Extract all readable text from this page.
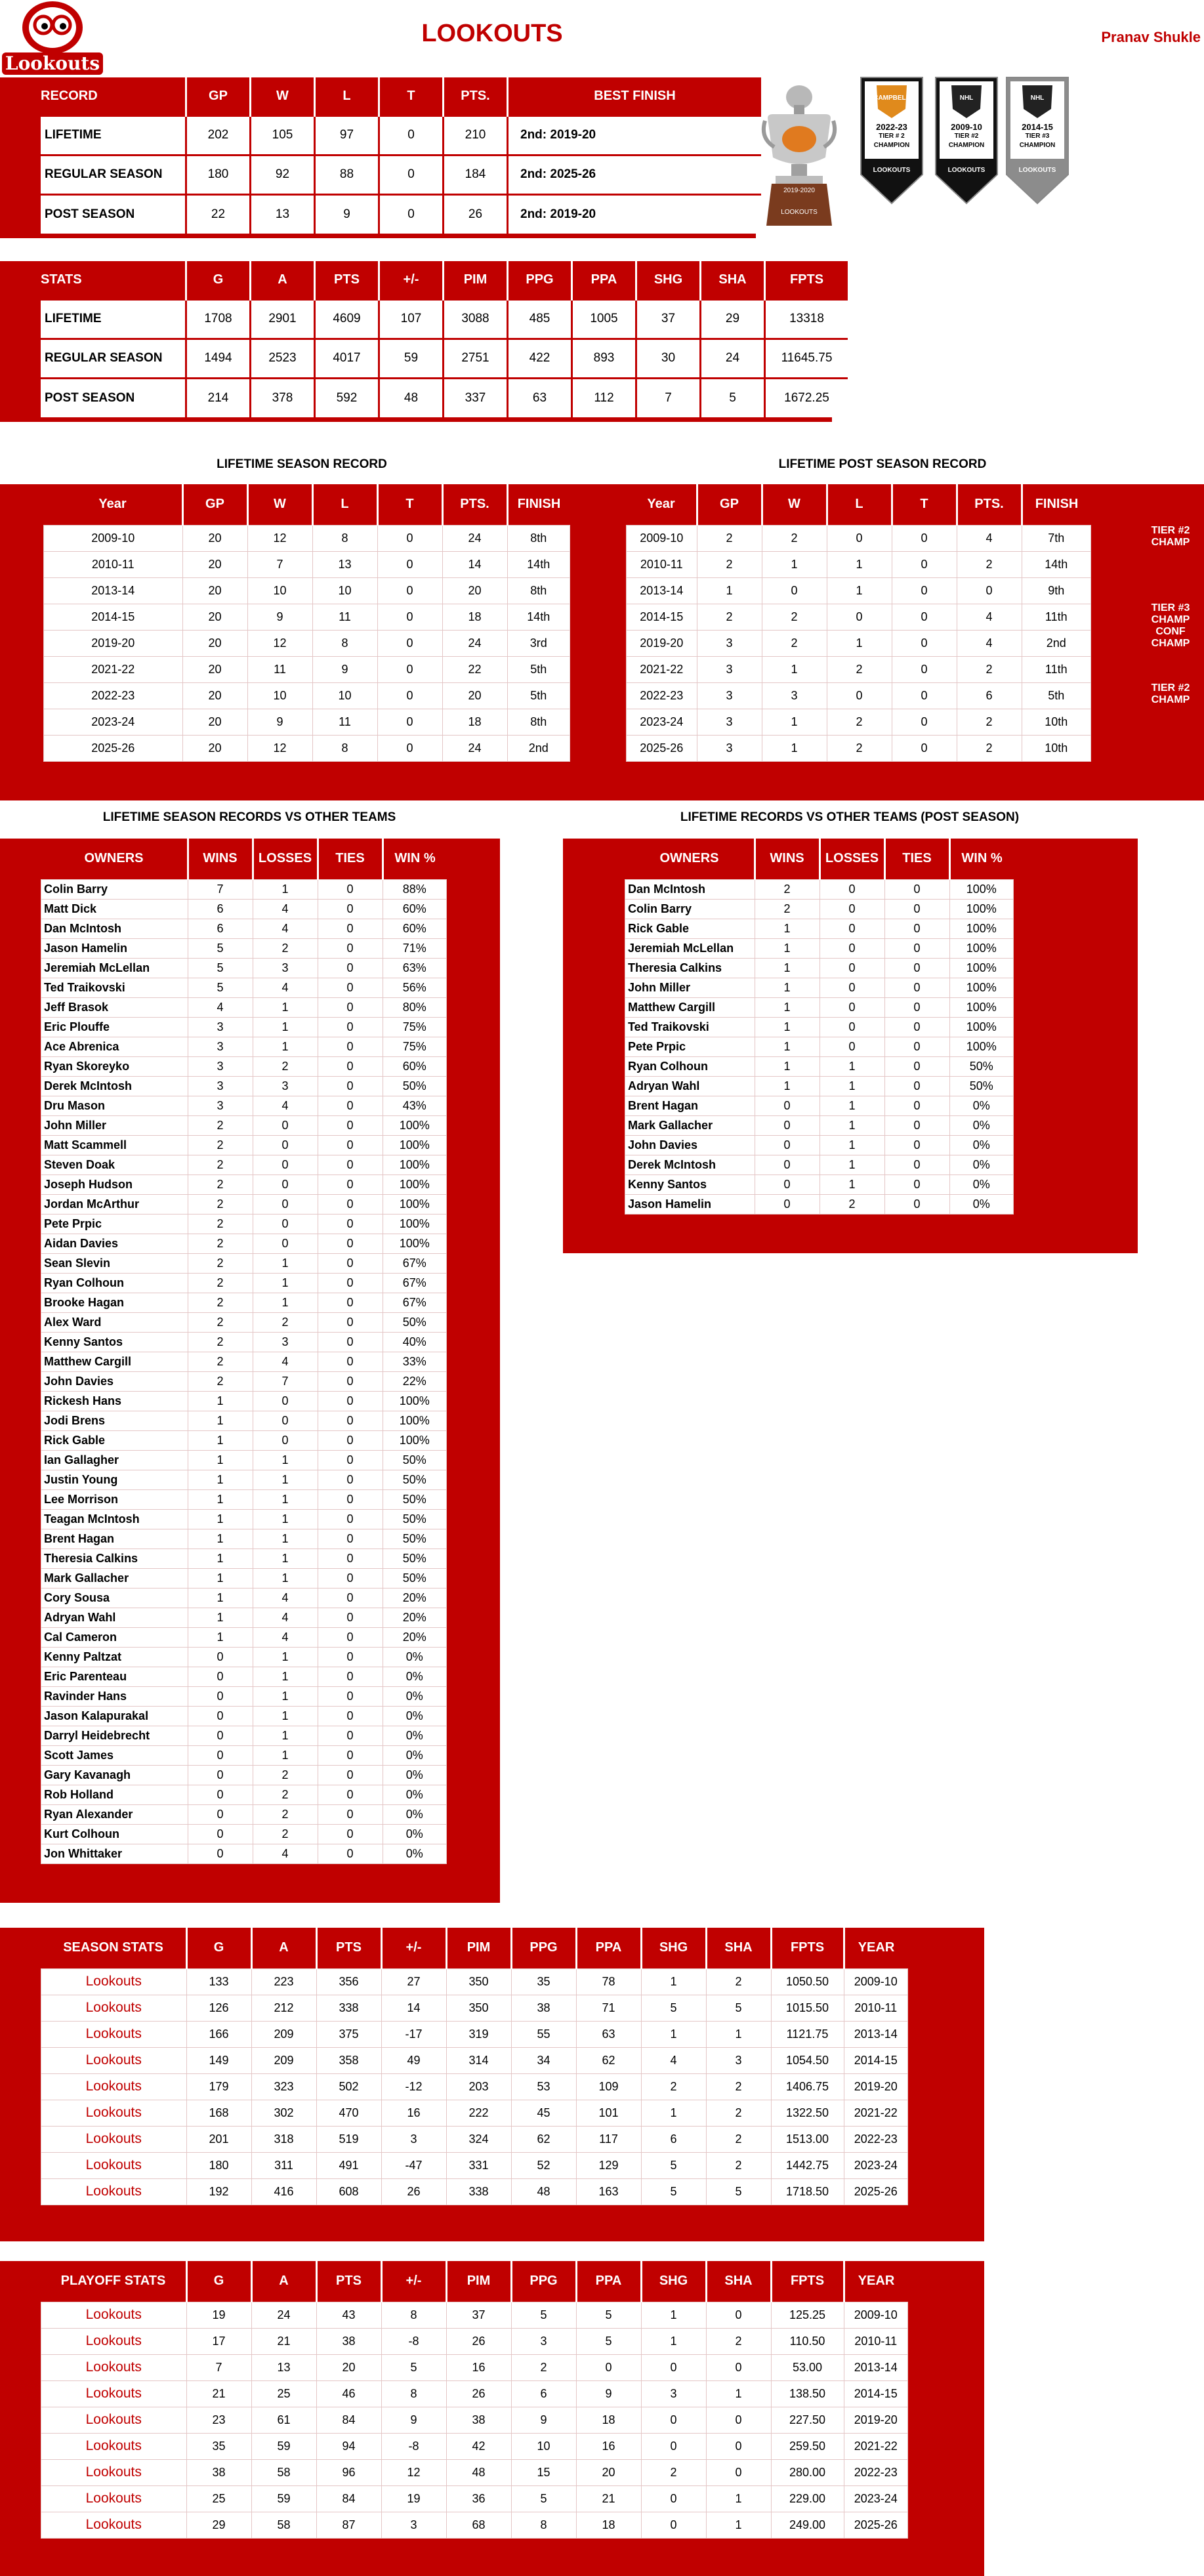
Lookouts
LOOKOUTS	Pranav Shukle
	RECORD	GP	W	L	T	PTS.	BEST FINISH
	LIFETIME	202	105	97	0	210	2nd: 2019-20
	REGULAR SEASON	180	92	88	0	184	2nd: 2025-26
	POST SEASON	22	13	9	0	26	2nd: 2019-20
2019-2020
LOOKOUTS
CAMPBELL
2022-23
TIER # 2
CHAMPION
LOOKOUTS
NHL
2009-10
TIER #2
CHAMPION
LOOKOUTS
NHL
2014-15
TIER #3
CHAMPION
LOOKOUTS
	STATS	G	A	PTS	+/-	PIM	PPG	PPA	SHG	SHA	FPTS
	LIFETIME	1708	2901	4609	107	3088	485	1005	37	29	13318
	REGULAR SEASON	1494	2523	4017	59	2751	422	893	30	24	11645.75
	POST SEASON	214	378	592	48	337	63	112	7	5	1672.25
LIFETIME SEASON RECORD	LIFETIME POST SEASON RECORD
Year	GP	W	L	T	PTS.	FINISH
2009-10	20	12	8	0	24	8th
2010-11	20	7	13	0	14	14th
2013-14	20	10	10	0	20	8th
2014-15	20	9	11	0	18	14th
2019-20	20	12	8	0	24	3rd
2021-22	20	11	9	0	22	5th
2022-23	20	10	10	0	20	5th
2023-24	20	9	11	0	18	8th
2025-26	20	12	8	0	24	2nd
Year	GP	W	L	T	PTS.	FINISH
2009-10	2	2	0	0	4	7th
2010-11	2	1	1	0	2	14th
2013-14	1	0	1	0	0	9th
2014-15	2	2	0	0	4	11th
2019-20	3	2	1	0	4	2nd
2021-22	3	1	2	0	2	11th
2022-23	3	3	0	0	6	5th
2023-24	3	1	2	0	2	10th
2025-26	3	1	2	0	2	10th
TIER #2
CHAMP
TIER #3
CHAMP
CONF
CHAMP
TIER #2
CHAMP
LIFETIME SEASON RECORDS VS OTHER TEAMS	LIFETIME RECORDS VS OTHER TEAMS (POST SEASON)
OWNERS	WINS	LOSSES	TIES	WIN %
Colin Barry	7	1	0	88%
Matt Dick	6	4	0	60%
Dan McIntosh	6	4	0	60%
Jason Hamelin	5	2	0	71%
Jeremiah McLellan	5	3	0	63%
Ted Traikovski	5	4	0	56%
Jeff Brasok	4	1	0	80%
Eric Plouffe	3	1	0	75%
Ace Abrenica	3	1	0	75%
Ryan Skoreyko	3	2	0	60%
Derek McIntosh	3	3	0	50%
Dru Mason	3	4	0	43%
John Miller	2	0	0	100%
Matt Scammell	2	0	0	100%
Steven Doak	2	0	0	100%
Joseph Hudson	2	0	0	100%
Jordan McArthur	2	0	0	100%
Pete Prpic	2	0	0	100%
Aidan Davies	2	0	0	100%
Sean Slevin	2	1	0	67%
Ryan Colhoun	2	1	0	67%
Brooke Hagan	2	1	0	67%
Alex Ward	2	2	0	50%
Kenny Santos	2	3	0	40%
Matthew Cargill	2	4	0	33%
John Davies	2	7	0	22%
Rickesh Hans	1	0	0	100%
Jodi Brens	1	0	0	100%
Rick Gable	1	0	0	100%
Ian Gallagher	1	1	0	50%
Justin Young	1	1	0	50%
Lee Morrison	1	1	0	50%
Teagan McIntosh	1	1	0	50%
Brent Hagan	1	1	0	50%
Theresia Calkins	1	1	0	50%
Mark Gallacher	1	1	0	50%
Cory Sousa	1	4	0	20%
Adryan Wahl	1	4	0	20%
Cal Cameron	1	4	0	20%
Kenny Paltzat	0	1	0	0%
Eric Parenteau	0	1	0	0%
Ravinder Hans	0	1	0	0%
Jason Kalapurakal	0	1	0	0%
Darryl Heidebrecht	0	1	0	0%
Scott James	0	1	0	0%
Gary Kavanagh	0	2	0	0%
Rob Holland	0	2	0	0%
Ryan Alexander	0	2	0	0%
Kurt Colhoun	0	2	0	0%
Jon Whittaker	0	4	0	0%
OWNERS	WINS	LOSSES	TIES	WIN %
Dan McIntosh	2	0	0	100%
Colin Barry	2	0	0	100%
Rick Gable	1	0	0	100%
Jeremiah McLellan	1	0	0	100%
Theresia Calkins	1	0	0	100%
John Miller	1	0	0	100%
Matthew Cargill	1	0	0	100%
Ted Traikovski	1	0	0	100%
Pete Prpic	1	0	0	100%
Ryan Colhoun	1	1	0	50%
Adryan Wahl	1	1	0	50%
Brent Hagan	0	1	0	0%
Mark Gallacher	0	1	0	0%
John Davies	0	1	0	0%
Derek McIntosh	0	1	0	0%
Kenny Santos	0	1	0	0%
Jason Hamelin	0	2	0	0%
SEASON STATS	G	A	PTS	+/-	PIM	PPG	PPA	SHG	SHA	FPTS	YEAR
Lookouts	133	223	356	27	350	35	78	1	2	1050.50	2009-10
Lookouts	126	212	338	14	350	38	71	5	5	1015.50	2010-11
Lookouts	166	209	375	-17	319	55	63	1	1	1121.75	2013-14
Lookouts	149	209	358	49	314	34	62	4	3	1054.50	2014-15
Lookouts	179	323	502	-12	203	53	109	2	2	1406.75	2019-20
Lookouts	168	302	470	16	222	45	101	1	2	1322.50	2021-22
Lookouts	201	318	519	3	324	62	117	6	2	1513.00	2022-23
Lookouts	180	311	491	-47	331	52	129	5	2	1442.75	2023-24
Lookouts	192	416	608	26	338	48	163	5	5	1718.50	2025-26
PLAYOFF STATS	G	A	PTS	+/-	PIM	PPG	PPA	SHG	SHA	FPTS	YEAR
Lookouts	19	24	43	8	37	5	5	1	0	125.25	2009-10
Lookouts	17	21	38	-8	26	3	5	1	2	110.50	2010-11
Lookouts	7	13	20	5	16	2	0	0	0	53.00	2013-14
Lookouts	21	25	46	8	26	6	9	3	1	138.50	2014-15
Lookouts	23	61	84	9	38	9	18	0	0	227.50	2019-20
Lookouts	35	59	94	-8	42	10	16	0	0	259.50	2021-22
Lookouts	38	58	96	12	48	15	20	2	0	280.00	2022-23
Lookouts	25	59	84	19	36	5	21	0	1	229.00	2023-24
Lookouts	29	58	87	3	68	8	18	0	1	249.00	2025-26
